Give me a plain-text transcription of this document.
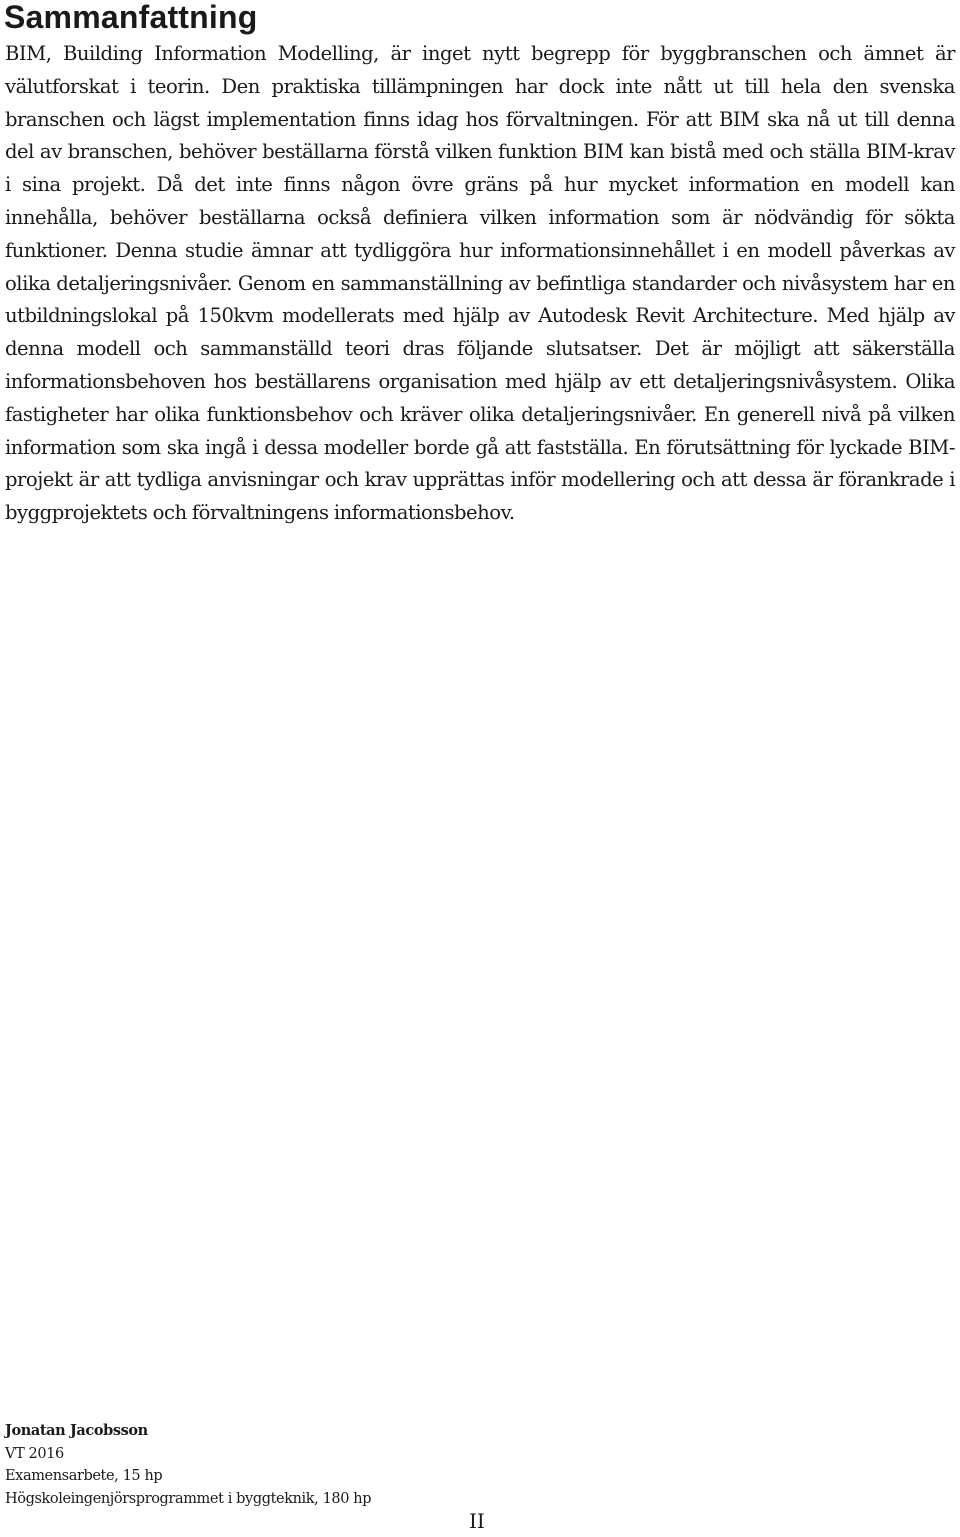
Sammanfattning

BIM, Building Information Modelling, är inget nytt begrepp för byggbranschen och ämnet är välutforskat i teorin. Den praktiska tillämpningen har dock inte nått ut till hela den svenska branschen och lägst implementation finns idag hos förvaltningen. För att BIM ska nå ut till denna del av branschen, behöver beställarna förstå vilken funktion BIM kan bistå med och ställa BIM-krav i sina projekt. Då det inte finns någon övre gräns på hur mycket information en modell kan innehålla, behöver beställarna också definiera vilken information som är nödvändig för sökta funktioner. Denna studie ämnar att tydliggöra hur informationsinnehållet i en modell påverkas av olika detaljeringsnivåer. Genom en sammanställning av befintliga standarder och nivåsystem har en utbildningslokal på 150kvm modellerats med hjälp av Autodesk Revit Architecture. Med hjälp av denna modell och sammanställd teori dras följande slutsatser. Det är möjligt att säkerställa informationsbehoven hos beställarens organisation med hjälp av ett detaljeringsnivåsystem. Olika fastigheter har olika funktionsbehov och kräver olika detaljeringsnivåer. En generell nivå på vilken information som ska ingå i dessa modeller borde gå att fastställa. En förutsättning för lyckade BIM-projekt är att tydliga anvisningar och krav upprättas inför modellering och att dessa är förankrade i byggprojektets och förvaltningens informationsbehov.

Jonatan Jacobsson
VT 2016
Examensarbete, 15 hp
Högskoleingenjörsprogrammet i byggteknik, 180 hp
II
